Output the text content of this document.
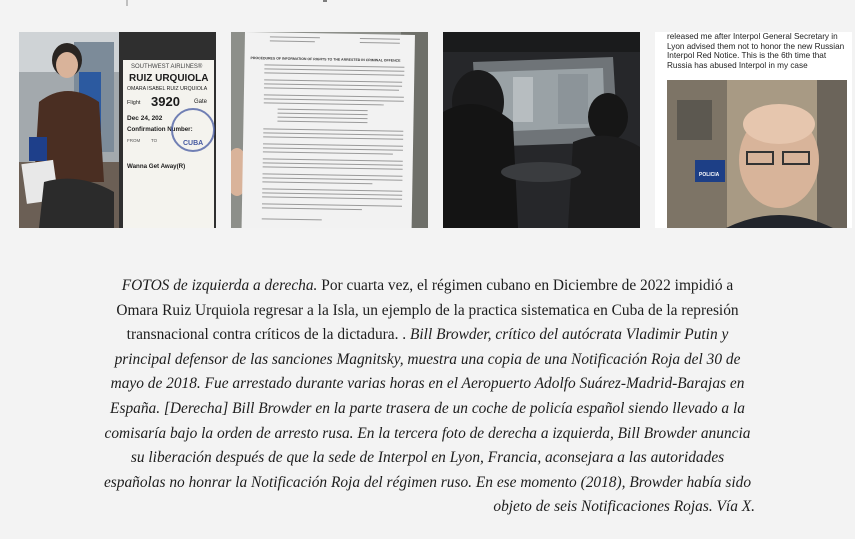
SOUTHWEST AIRLINES®
RUIZ URQUIOLA
OMARA ISABEL RUIZ URQUIOLA
Flight 3920 Gate
Dec 24, 202
Confirmation Number:
FROM TO	CUBA
Wanna Get Away(R)
PROCEDURES OF INFORMATION OF RIGHTS TO THE ARRESTED IN CRIMINAL OFFENCE
released me after Interpol General Secretary in Lyon advised them not to honor the new Russian Interpol Red Notice. This is the 6th time that Russia has abused Interpol in my case
POLICIA
FOTOS de izquierda a derecha. Por cuarta vez, el régimen cubano en Diciembre de 2022 impidió a Omara Ruiz Urquiola regresar a la Isla, un ejemplo de la practica sistematica en Cuba de la represión transnacional contra críticos de la dictadura. . Bill Browder, crítico del autócrata Vladimir Putin y principal defensor de las sanciones Magnitsky, muestra una copia de una Notificación Roja del 30 de mayo de 2018. Fue arrestado durante varias horas en el Aeropuerto Adolfo Suárez-Madrid-Barajas en España. [Derecha] Bill Browder en la parte trasera de un coche de policía español siendo llevado a la comisaría bajo la orden de arresto rusa. En la tercera foto de derecha a izquierda, Bill Browder anuncia su liberación después de que la sede de Interpol en Lyon, Francia, aconsejara a las autoridades españolas no honrar la Notificación Roja del régimen ruso. En ese momento (2018), Browder había sido objeto de seis Notificaciones Rojas. Vía X.
